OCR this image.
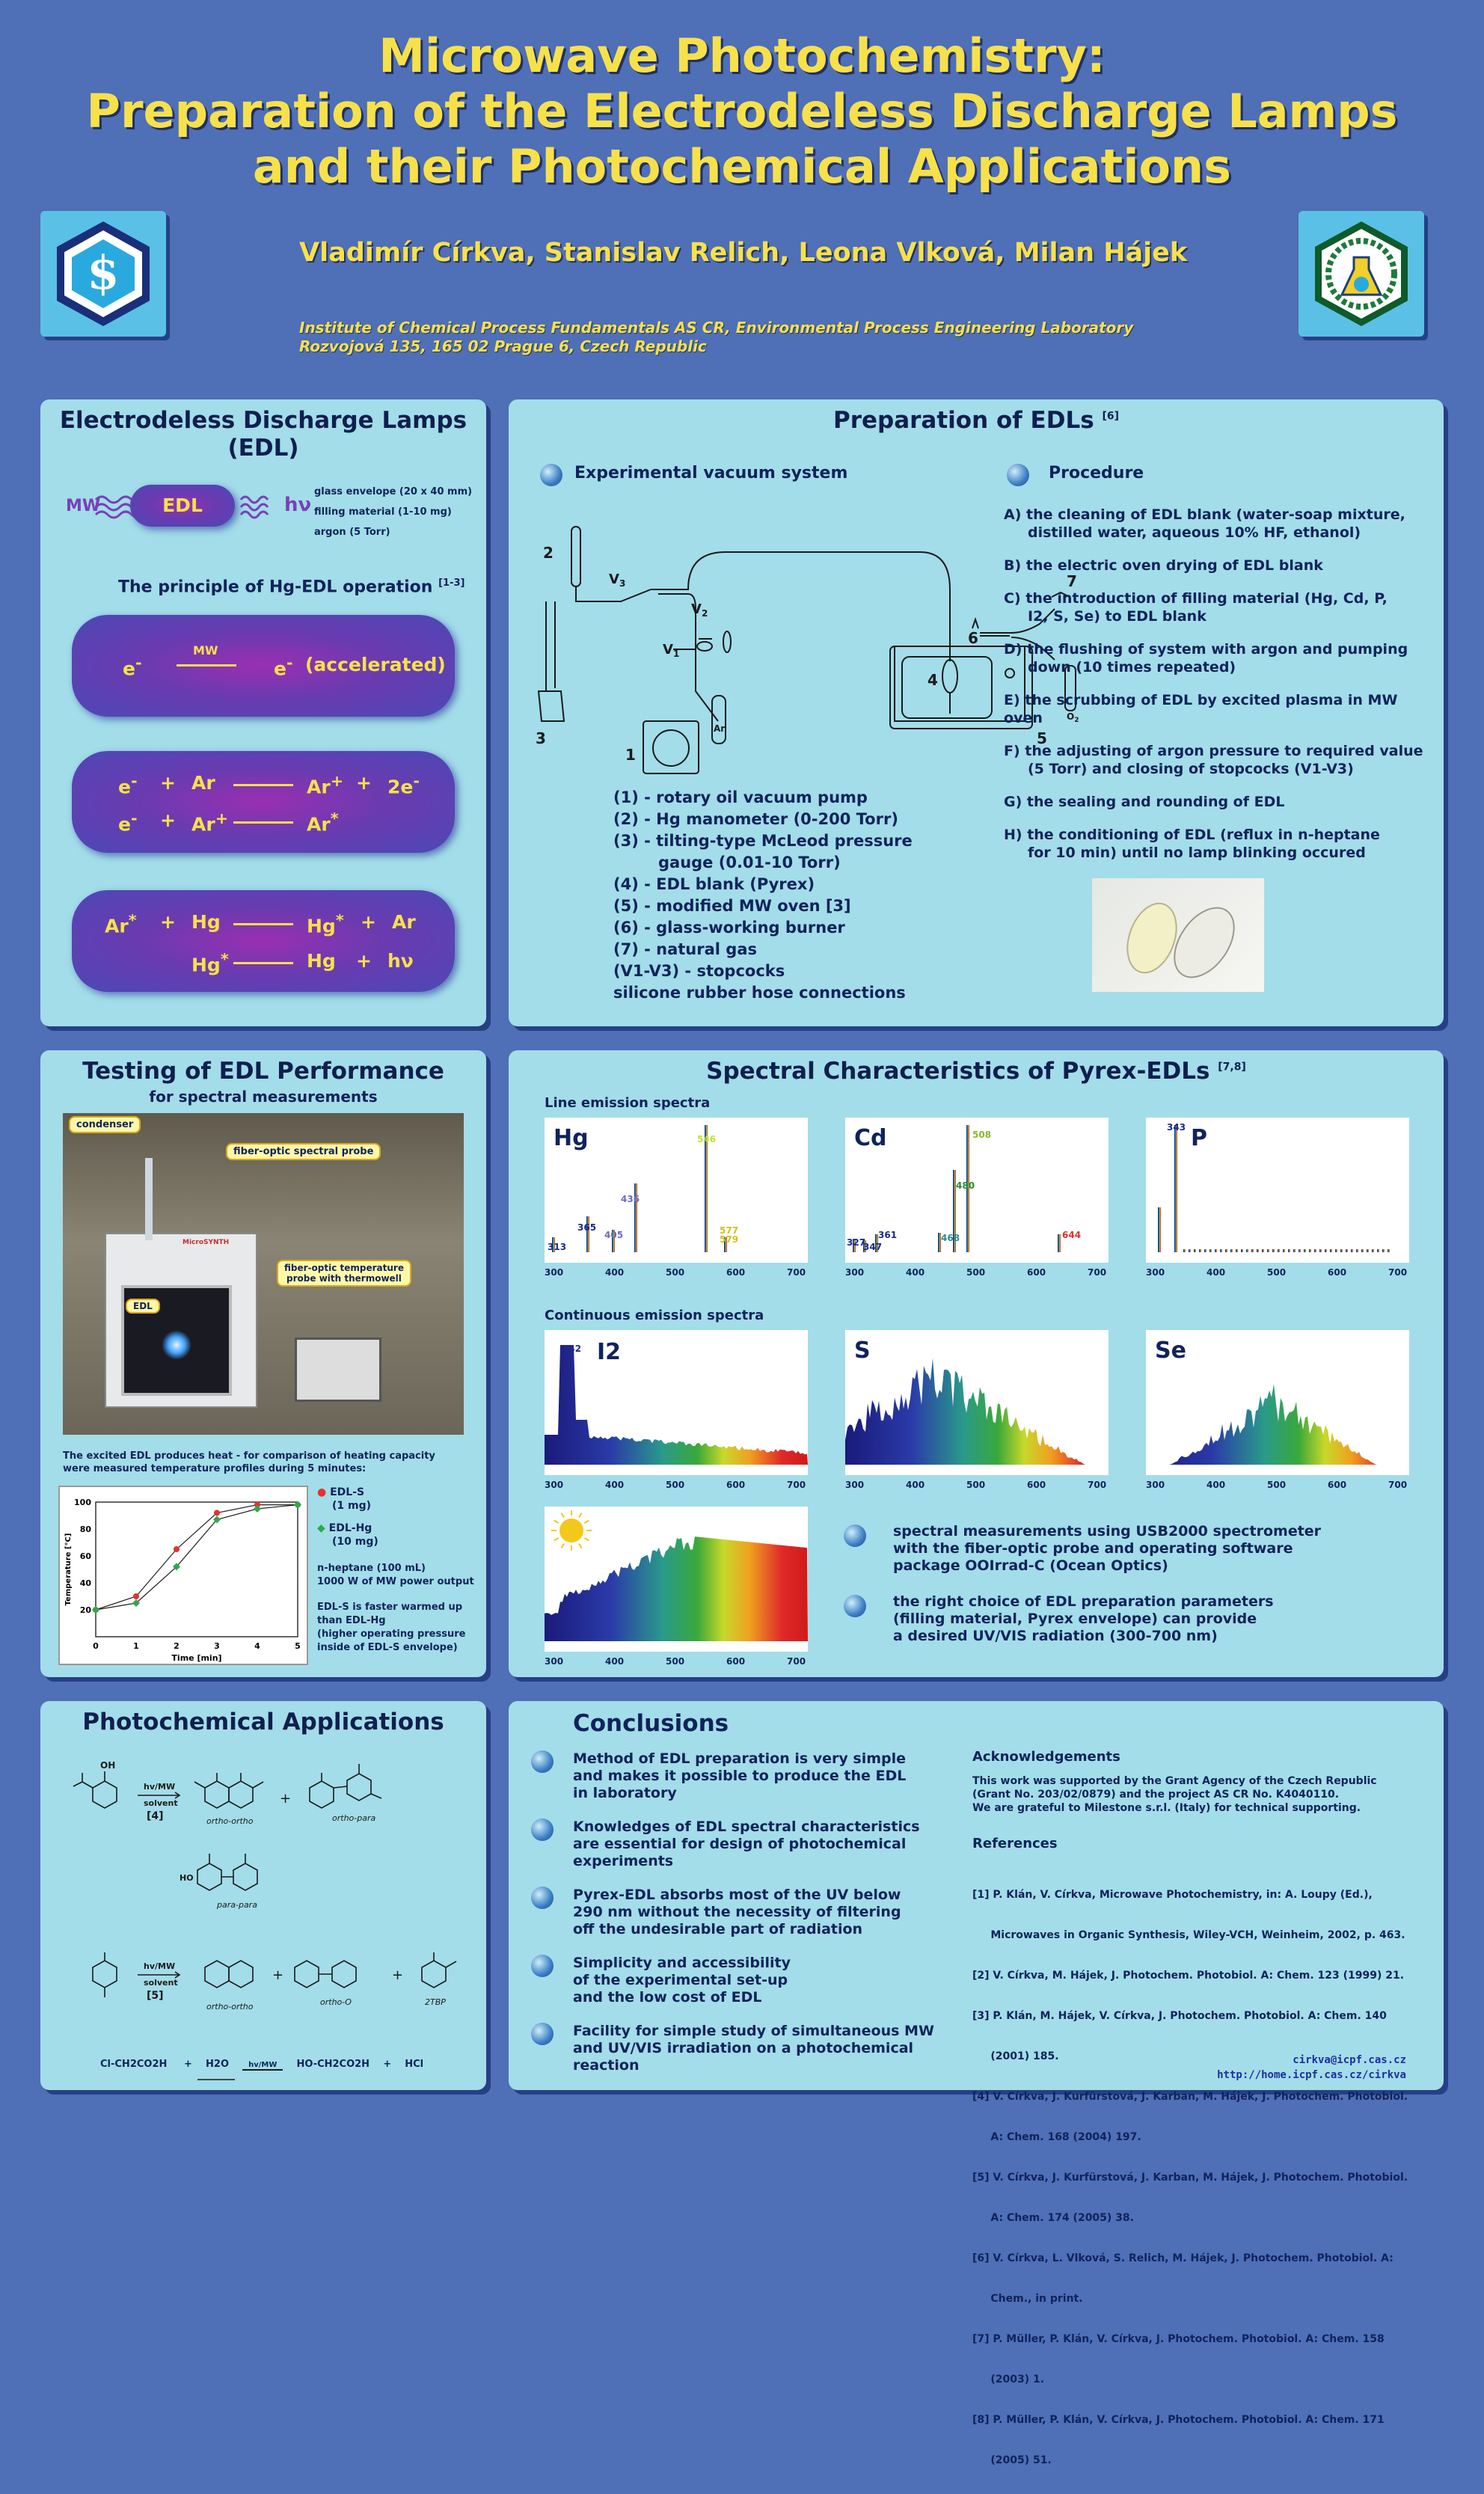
Microwave Photochemistry:
Preparation of the Electrodeless Discharge Lamps
and their Photochemical Applications
$	Vladimír Církva, Stanislav Relich, Leona Vlková, Milan Hájek
Institute of Chemical Process Fundamentals AS CR, Environmental Process Engineering Laboratory
Rozvojová 135, 165 02 Prague 6, Czech Republic
Electrodeless Discharge Lamps
(EDL)
MW	EDL	hν
glass envelope (20 x 40 mm)
filling material (1-10 mg)
argon (5 Torr)
The principle of Hg-EDL operation [1-3]
e-
MW
e- (accelerated)
e- + Ar	Ar+ + 2e-
e- + Ar+	Ar*
Ar* + Hg	Hg* + Ar
Hg*	Hg + hν
Preparation of EDLs [6]
Experimental vacuum system	Procedure
2
$V_3$
$V_2$
$V_1$
4
6
7
3
1
5
Ar
$O_2$
(1) - rotary oil vacuum pump
(2) - Hg manometer (0-200 Torr)
(3) - tilting-type McLeod pressure
gauge (0.01-10 Torr)
(4) - EDL blank (Pyrex)
(5) - modified MW oven [3]
(6) - glass-working burner
(7) - natural gas
(V1-V3) - stopcocks
silicone rubber hose connections
A) the cleaning of EDL blank (water-soap mixture,
distilled water, aqueous 10% HF, ethanol)
B) the electric oven drying of EDL blank
C) the introduction of filling material (Hg, Cd, P,
I2, S, Se) to EDL blank
D) the flushing of system with argon and pumping
down (10 times repeated)
E) the scrubbing of EDL by excited plasma in MW oven
F) the adjusting of argon pressure to required value
(5 Torr) and closing of stopcocks (V1-V3)
G) the sealing and rounding of EDL
H) the conditioning of EDL (reflux in n-heptane
for 10 min) until no lamp blinking occured
Testing of EDL Performance
for spectral measurements
condenser
fiber-optic spectral probe
fiber-optic temperature
probe with thermowell
EDL
MicroSYNTH
The excited EDL produces heat - for comparison of heating capacity
were measured temperature profiles during 5 minutes:
0	1	2	3	4	5
20
40
60
80
100
Time [min]
Temperature [°C]
● EDL-S
(1 mg)
◆ EDL-Hg
(10 mg)
n-heptane (100 mL)
1000 W of MW power output
EDL-S is faster warmed up
than EDL-Hg
(higher operating pressure
inside of EDL-S envelope)
Spectral Characteristics of Pyrex-EDLs [7,8]
Line emission spectra
Continuous emission spectra
Hg	Cd	P
I2	S	Se
313
365
405
436
546
577
579	327
347
361	468
480
508
644
343
342
300	400	500	600	700	300	400	500	600	700	300	400	500	600	700
300	400	500	600	700	300	400	500	600	700	300	400	500	600	700
300	400	500	600	700
spectral measurements using USB2000 spectrometer
with the fiber-optic probe and operating software
package OOIrrad-C (Ocean Optics)
the right choice of EDL preparation parameters
(filling material, Pyrex envelope) can provide
a desired UV/VIS radiation (300-700 nm)
Photochemical Applications
OH
hv/MW
solvent
[4]	ortho-ortho
+
ortho-para
HO
para-para
hv/MW
solvent
[5]
ortho-ortho
+
ortho-O
+
2TBP
Cl-CH2CO2H + H2O	hv/MW HO-CH2CO2H + HCl
Conclusions
Method of EDL preparation is very simple
and makes it possible to produce the EDL
in laboratory
Knowledges of EDL spectral characteristics
are essential for design of photochemical
experiments
Pyrex-EDL absorbs most of the UV below
290 nm without the necessity of filtering
off the undesirable part of radiation
Simplicity and accessibility
of the experimental set-up
and the low cost of EDL
Facility for simple study of simultaneous MW
and UV/VIS irradiation on a photochemical
reaction
Acknowledgements
This work was supported by the Grant Agency of the Czech Republic
(Grant No. 203/02/0879) and the project AS CR No. K4040110.
We are grateful to Milestone s.r.l. (Italy) for technical supporting.
References

[1] P. Klán, V. Církva, Microwave Photochemistry, in: A. Loupy (Ed.),

Microwaves in Organic Synthesis, Wiley-VCH, Weinheim, 2002, p. 463.

[2] V. Církva, M. Hájek, J. Photochem. Photobiol. A: Chem. 123 (1999) 21.

[3] P. Klán, M. Hájek, V. Církva, J. Photochem. Photobiol. A: Chem. 140

(2001) 185.

[4] V. Církva, J. Kurfürstová, J. Karban, M. Hájek, J. Photochem. Photobiol.

A: Chem. 168 (2004) 197.

[5] V. Církva, J. Kurfürstová, J. Karban, M. Hájek, J. Photochem. Photobiol.

A: Chem. 174 (2005) 38.

[6] V. Církva, L. Vlková, S. Relich, M. Hájek, J. Photochem. Photobiol. A:

Chem., in print.

[7] P. Müller, P. Klán, V. Církva, J. Photochem. Photobiol. A: Chem. 158

(2003) 1.

[8] P. Müller, P. Klán, V. Církva, J. Photochem. Photobiol. A: Chem. 171

(2005) 51.

cirkva@icpf.cas.cz
http://home.icpf.cas.cz/cirkva
